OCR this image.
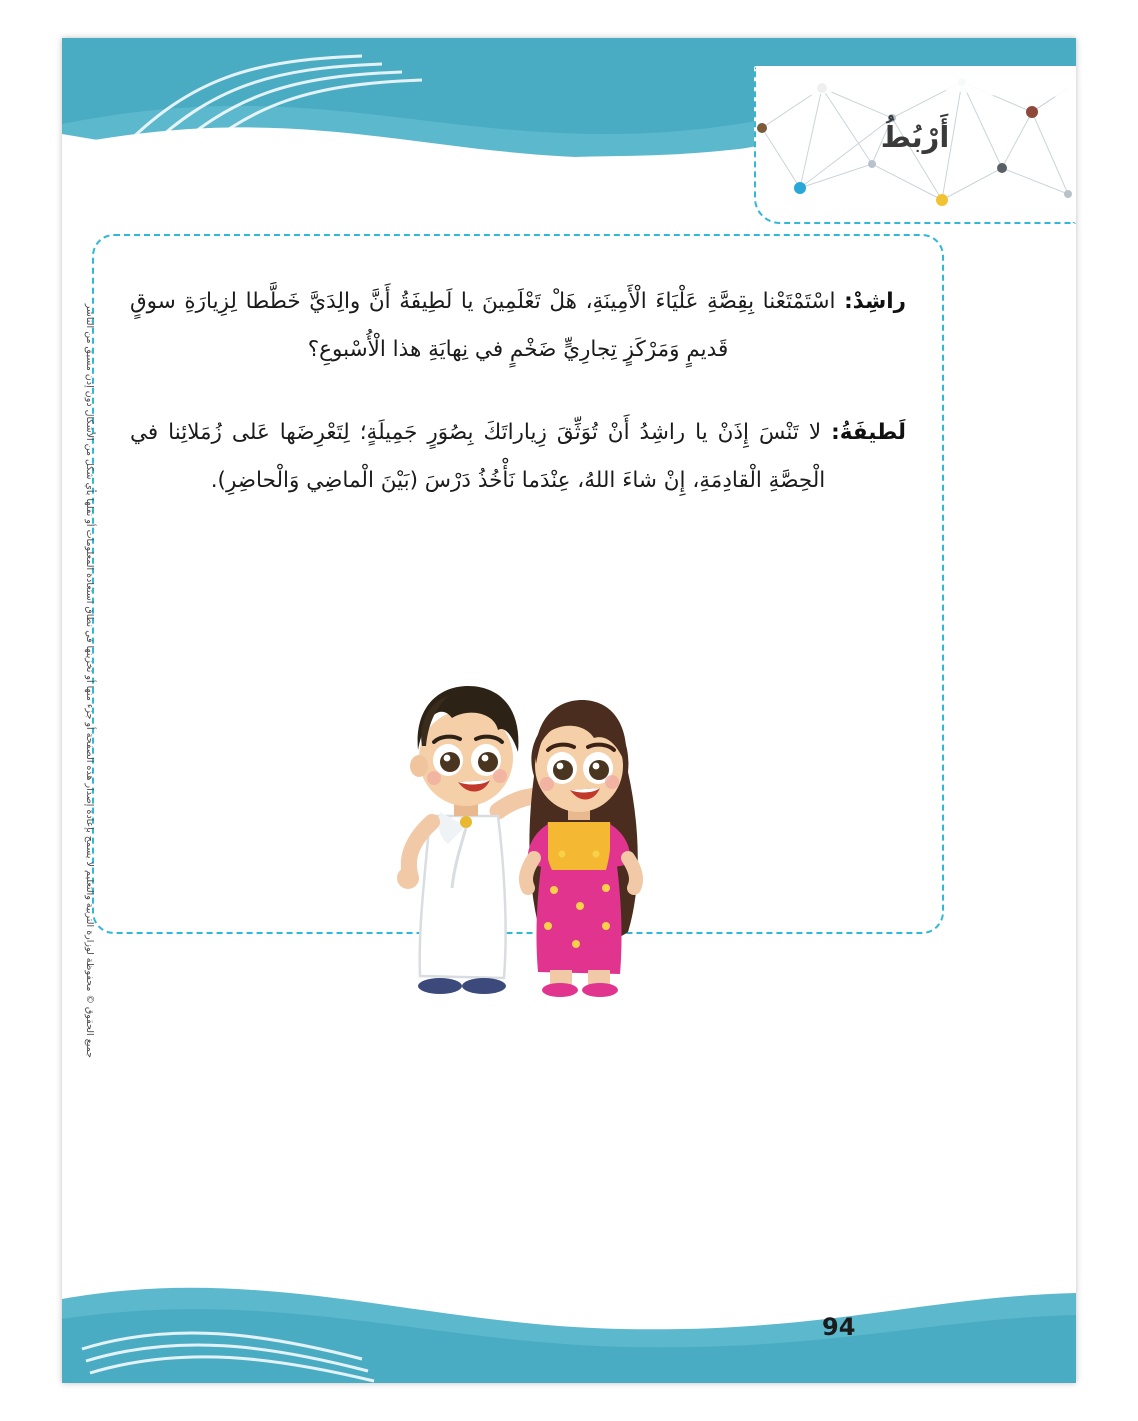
أَرْبُطُ

راشِدْ: اسْتَمْتَعْنا بِقِصَّةِ عَلْيَاءَ الْأَمِينَةِ، هَلْ تَعْلَمِينَ يا لَطِيفَةُ أَنَّ والِدَيَّ خَطَّطا لِزِيارَةِ سوقٍ قَديمٍ وَمَرْكَزٍ تِجارِيٍّ ضَخْمٍ في نِهايَةِ هذا الْأُسْبوعِ؟

لَطيفَةُ: لا تَنْسَ إِذَنْ يا راشِدُ أَنْ تُوَثِّقَ زِياراتَكَ بِصُوَرٍ جَمِيلَةٍ؛ لِتَعْرِضَها عَلى زُمَلائِنا في الْحِصَّةِ الْقادِمَةِ، إِنْ شاءَ اللهُ، عِنْدَما نَأْخُذُ دَرْسَ (بَيْنَ الْماضِي وَالْحاضِرِ).

جميع الحقوق © محفوظة لوزارة التربية والتعليم لا يسمح بإعادة إصدار هذه الصفحة أو جزء منها أو تخزينها في نطاق استعادة المعلومات أو نقلها بأي شكل من الأشكال دون إذن مسبق من الناشر
94
